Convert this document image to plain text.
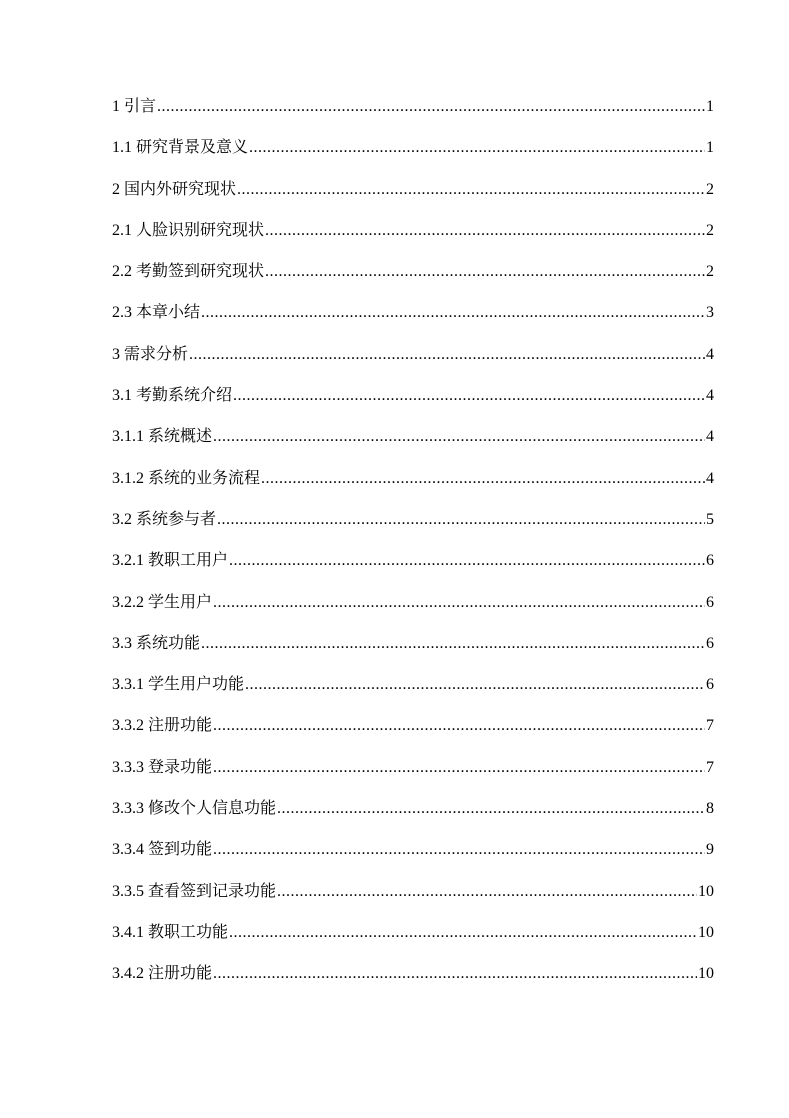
1 引言 .....	1
1.1 研究背景及意义 .....	1
2 国内外研究现状 .....	2
2.1 人脸识别研究现状 .....	2
2.2 考勤签到研究现状 .....	2
2.3 本章小结 .....	3
3 需求分析 .....	4
3.1 考勤系统介绍 .....	4
3.1.1 系统概述 .....	4
3.1.2 系统的业务流程 .....	4
3.2 系统参与者 .....	5
3.2.1 教职工用户 .....	6
3.2.2 学生用户 .....	6
3.3 系统功能 .....	6
3.3.1 学生用户功能 .....	6
3.3.2 注册功能 .....	7
3.3.3 登录功能 .....	7
3.3.3 修改个人信息功能 .....	8
3.3.4 签到功能 .....	9
3.3.5 查看签到记录功能 .....	10
3.4.1 教职工功能 .....	10
3.4.2 注册功能 .....	10
